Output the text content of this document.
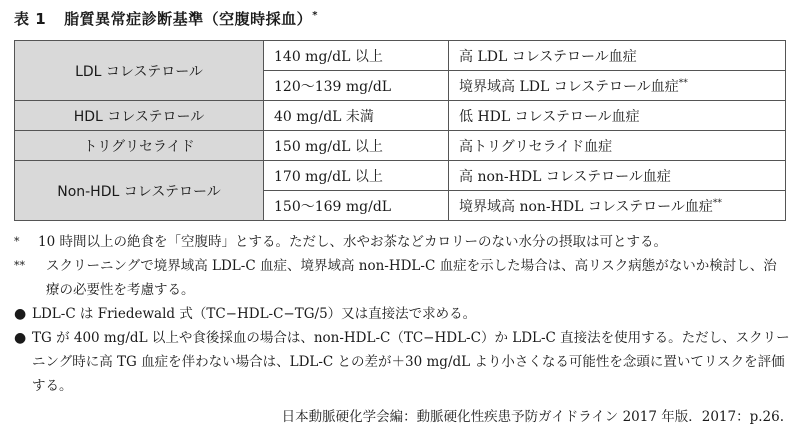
表 1 脂質異常症診断基準（空腹時採血）*
LDL コレステロール	140 mg/dL 以上	高 LDL コレステロール血症
	120～139 mg/dL	境界域高 LDL コレステロール血症**
HDL コレステロール	40 mg/dL 未満	低 HDL コレステロール血症
トリグリセライド	150 mg/dL 以上	高トリグリセライド血症
Non-HDL コレステロール	170 mg/dL 以上	高 non-HDL コレステロール血症
	150～169 mg/dL	境界域高 non-HDL コレステロール血症**
*	10 時間以上の絶食を「空腹時」とする。ただし、水やお茶などカロリーのない水分の摂取は可とする。
**	スクリーニングで境界域高 LDL-C 血症、境界域高 non-HDL-C 血症を示した場合は、高リスク病態がないか検討し、治療の必要性を考慮する。
● LDL-C は Friedewald 式（TC−HDL-C−TG/5）又は直接法で求める。
● TG が 400 mg/dL 以上や食後採血の場合は、non-HDL-C（TC−HDL-C）か LDL-C 直接法を使用する。ただし、スクリーニング時に高 TG 血症を伴わない場合は、LDL-C との差が＋30 mg/dL より小さくなる可能性を念頭に置いてリスクを評価する。
日本動脈硬化学会編：動脈硬化性疾患予防ガイドライン 2017 年版．2017：p.26.
